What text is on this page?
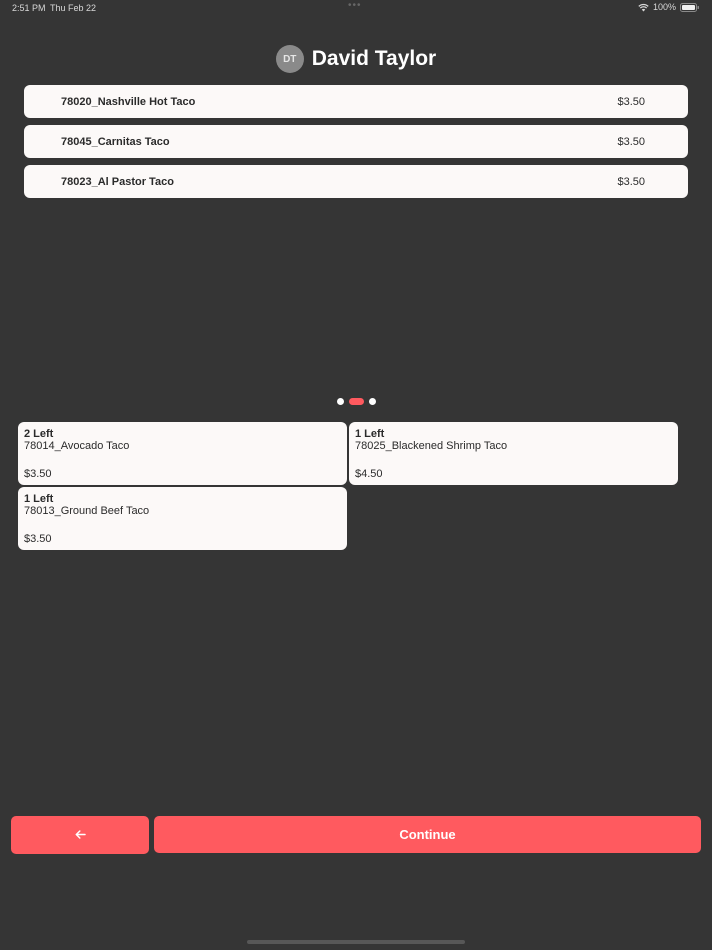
2:51 PM Thu Feb 22	•••	100%
DT David Taylor
78020_Nashville Hot Taco	$3.50
78045_Carnitas Taco	$3.50
78023_Al Pastor Taco	$3.50
2 Left
78014_Avocado Taco
$3.50
1 Left
78025_Blackened Shrimp Taco
$4.50
1 Left
78013_Ground Beef Taco
$3.50
Continue
